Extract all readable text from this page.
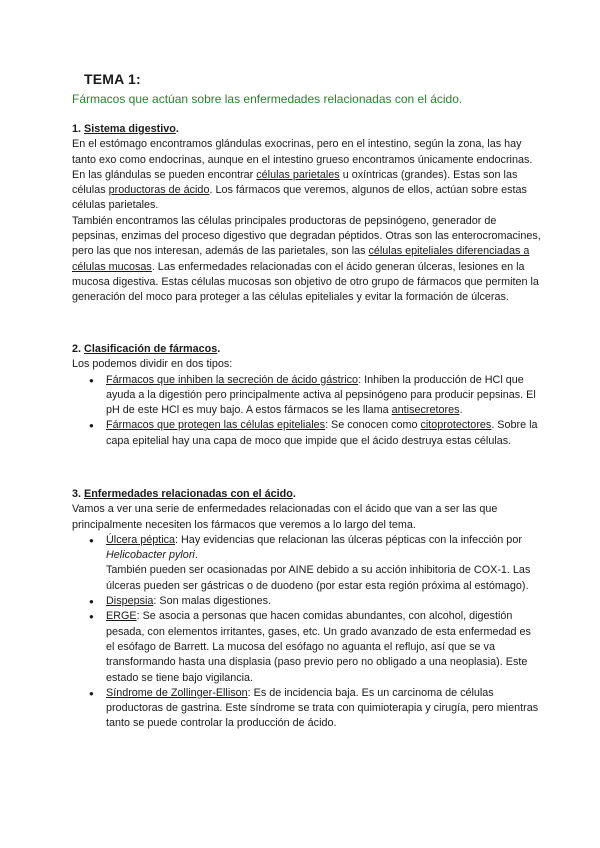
TEMA 1:
Fármacos que actúan sobre las enfermedades relacionadas con el ácido.

1. Sistema digestivo.

En el estómago encontramos glándulas exocrinas, pero en el intestino, según la zona, las hay tanto exo como endocrinas, aunque en el intestino grueso encontramos únicamente endocrinas.

En las glándulas se pueden encontrar células parietales u oxíntricas (grandes). Estas son las células productoras de ácido. Los fármacos que veremos, algunos de ellos, actúan sobre estas células parietales.

También encontramos las células principales productoras de pepsinógeno, generador de pepsinas, enzimas del proceso digestivo que degradan péptidos. Otras son las enterocromacines, pero las que nos interesan, además de las parietales, son las células epiteliales diferenciadas a células mucosas. Las enfermedades relacionadas con el ácido generan úlceras, lesiones en la mucosa digestiva. Estas células mucosas son objetivo de otro grupo de fármacos que permiten la generación del moco para proteger a las células epiteliales y evitar la formación de úlceras.

2. Clasificación de fármacos.

Los podemos dividir en dos tipos:

● Fármacos que inhiben la secreción de ácido gástrico: Inhiben la producción de HCl que ayuda a la digestión pero principalmente activa al pepsinógeno para producir pepsinas. El pH de este HCl es muy bajo. A estos fármacos se les llama antisecretores.
● Fármacos que protegen las células epiteliales: Se conocen como citoprotectores. Sobre la capa epitelial hay una capa de moco que impide que el ácido destruya estas células.

3. Enfermedades relacionadas con el ácido.

Vamos a ver una serie de enfermedades relacionadas con el ácido que van a ser las que principalmente necesiten los fármacos que veremos a lo largo del tema.

● Úlcera péptica: Hay evidencias que relacionan las úlceras pépticas con la infección por Helicobacter pylori.
También pueden ser ocasionadas por AINE debido a su acción inhibitoria de COX-1. Las úlceras pueden ser gástricas o de duodeno (por estar esta región próxima al estómago).
● Dispepsia: Son malas digestiones.
● ERGE: Se asocia a personas que hacen comidas abundantes, con alcohol, digestión pesada, con elementos irritantes, gases, etc. Un grado avanzado de esta enfermedad es el esófago de Barrett. La mucosa del esófago no aguanta el reflujo, así que se va transformando hasta una displasia (paso previo pero no obligado a una neoplasia). Este estado se tiene bajo vigilancia.
● Síndrome de Zollinger-Ellison: Es de incidencia baja. Es un carcinoma de células productoras de gastrina. Este síndrome se trata con quimioterapia y cirugía, pero mientras tanto se puede controlar la producción de ácido.
